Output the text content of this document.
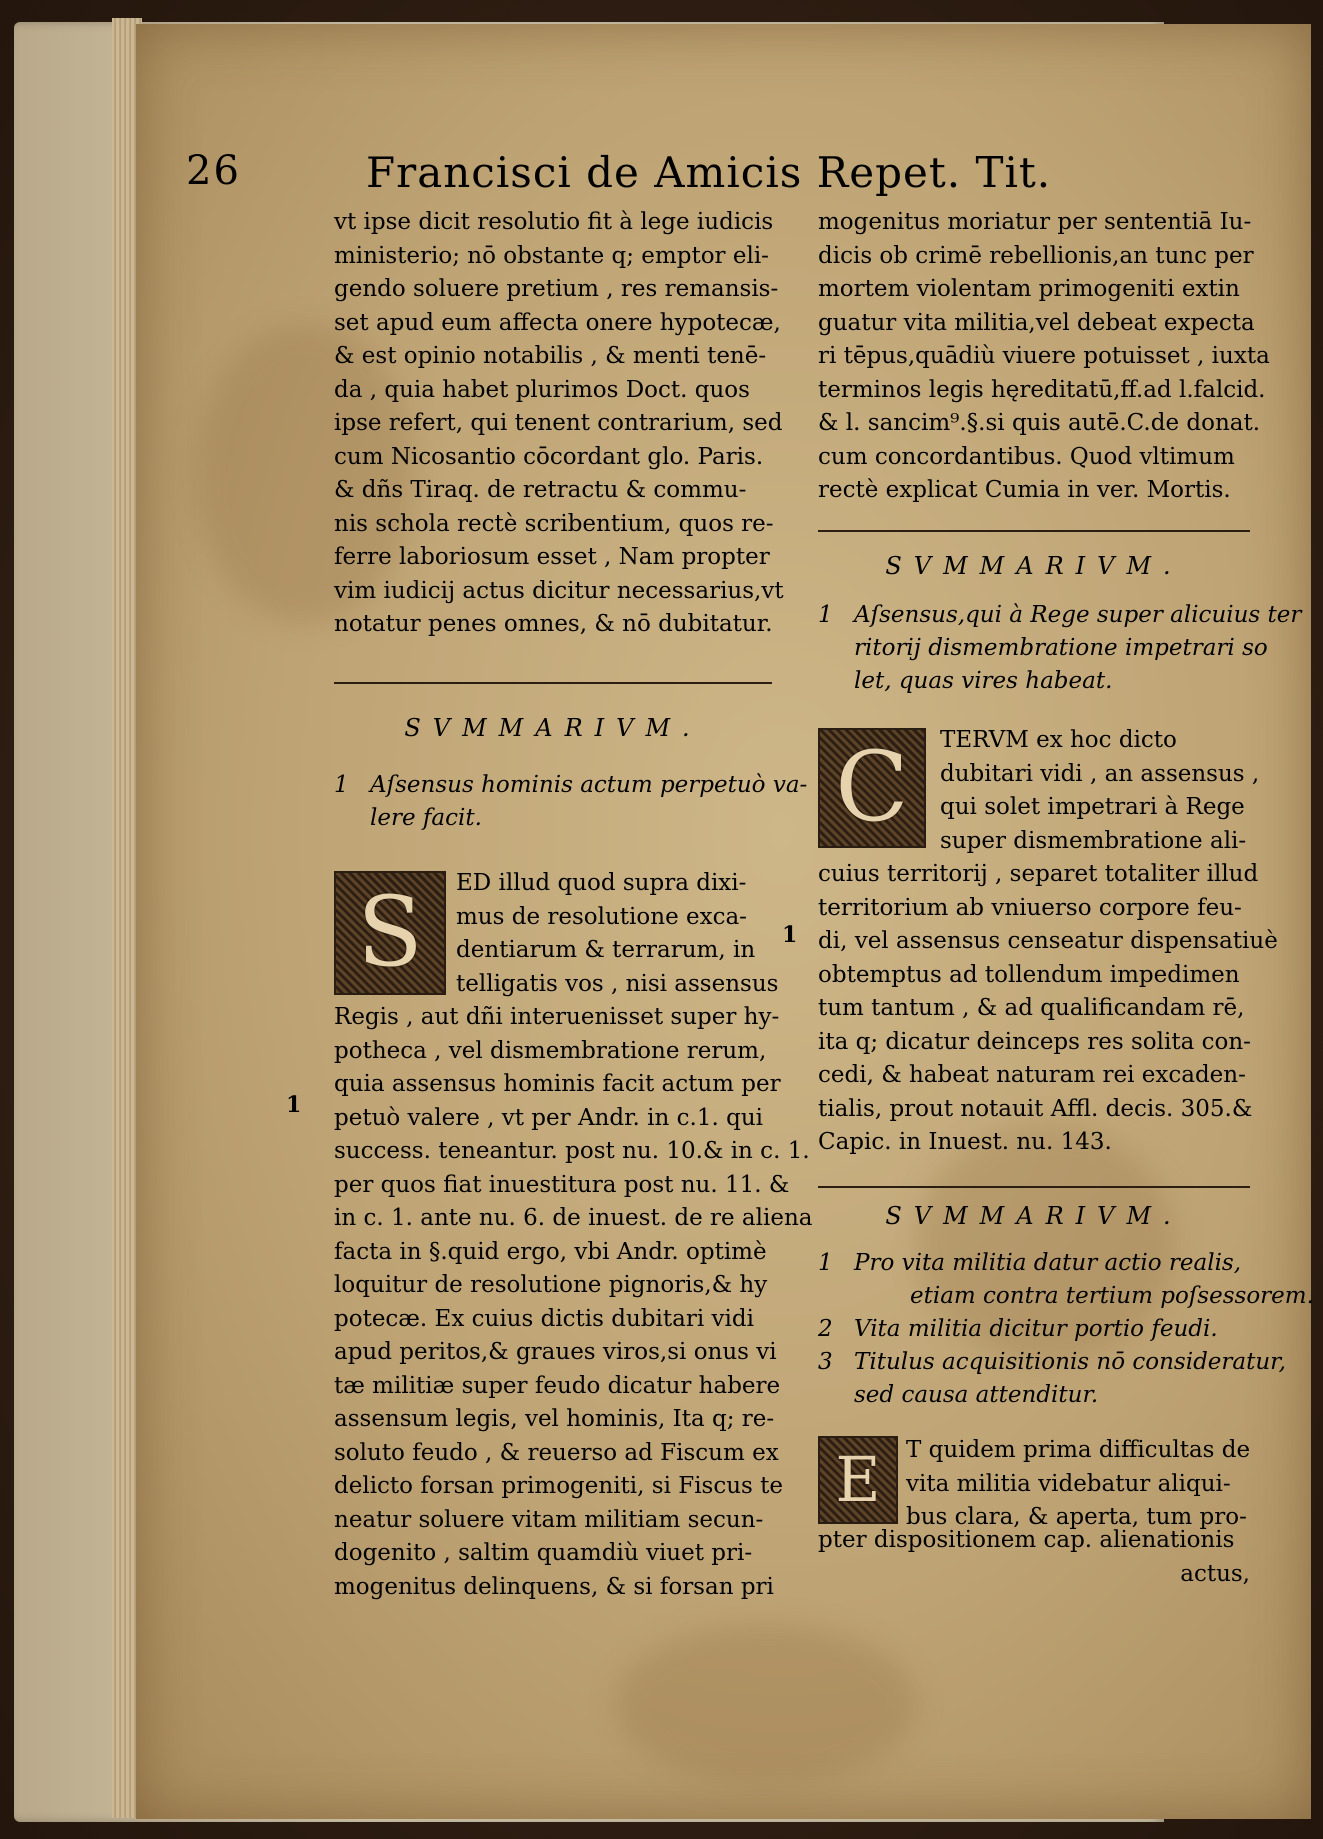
26	Francisci de Amicis Repet. Tit.
vt ipse dicit resolutio fit à lege iudicis
ministerio; nō obstante q; emptor eli-
gendo soluere pretium , res remansis-
set apud eum affecta onere hypotecæ,
& est opinio notabilis , & menti tenē-
da , quia habet plurimos Doct. quos
ipse refert, qui tenent contrarium, sed
cum Nicosantio cōcordant glo. Paris.
& dñs Tiraq. de retractu & commu-
nis schola rectè scribentium, quos re-
ferre laboriosum esset , Nam propter
vim iudicij actus dicitur necessarius,vt
notatur penes omnes, & nō dubitatur.
SVMMARIVM.
1 Aſsensus hominis actum perpetuò va-
lere facit.
S	ED illud quod supra dixi-
mus de resolutione exca-
dentiarum & terrarum, in
telligatis vos , nisi assensus
Regis , aut dñi interuenisset super hy-
potheca , vel dismembratione rerum,
quia assensus hominis facit actum per
petuò valere , vt per Andr. in c.1. qui
success. teneantur. post nu. 10.& in c. 1.
per quos fiat inuestitura post nu. 11. &
in c. 1. ante nu. 6. de inuest. de re aliena
facta in §.quid ergo, vbi Andr. optimè
loquitur de resolutione pignoris,& hy
potecæ. Ex cuius dictis dubitari vidi
apud peritos,& graues viros,si onus vi
tæ militiæ super feudo dicatur habere
assensum legis, vel hominis, Ita q; re-
soluto feudo , & reuerso ad Fiscum ex
delicto forsan primogeniti, si Fiscus te
neatur soluere vitam militiam secun-
dogenito , saltim quamdiù viuet pri-
mogenitus delinquens, & si forsan pri
1
mogenitus moriatur per sententiā Iu-
dicis ob crimē rebellionis,an tunc per
mortem violentam primogeniti extin
guatur vita militia,vel debeat expecta
ri tēpus,quādiù viuere potuisset , iuxta
terminos legis hęreditatū,ff.ad l.falcid.
& l. sancim⁹.§.si quis autē.C.de donat.
cum concordantibus. Quod vltimum
rectè explicat Cumia in ver. Mortis.
SVMMARIVM.
1 Aſsensus,qui à Rege super alicuius ter
ritorij dismembratione impetrari so
let, quas vires habeat.
C	TERVM ex hoc dicto
dubitari vidi , an assensus ,
qui solet impetrari à Rege
super dismembratione ali-
cuius territorij , separet totaliter illud
territorium ab vniuerso corpore feu-
di, vel assensus censeatur dispensatiuè
obtemptus ad tollendum impedimen
tum tantum , & ad qualificandam rē,
ita q; dicatur deinceps res solita con-
cedi, & habeat naturam rei excaden-
tialis, prout notauit Affl. decis. 305.&
Capic. in Inuest. nu. 143.
SVMMARIVM.
1 Pro vita militia datur actio realis,
etiam contra tertium poſsessorem.
2 Vita militia dicitur portio feudi.
3 Titulus acquisitionis nō consideratur,
sed causa attenditur.
E	T quidem prima difficultas de
vita militia videbatur aliqui-
bus clara, & aperta, tum pro-
pter dispositionem cap. alienationis
actus,
1
